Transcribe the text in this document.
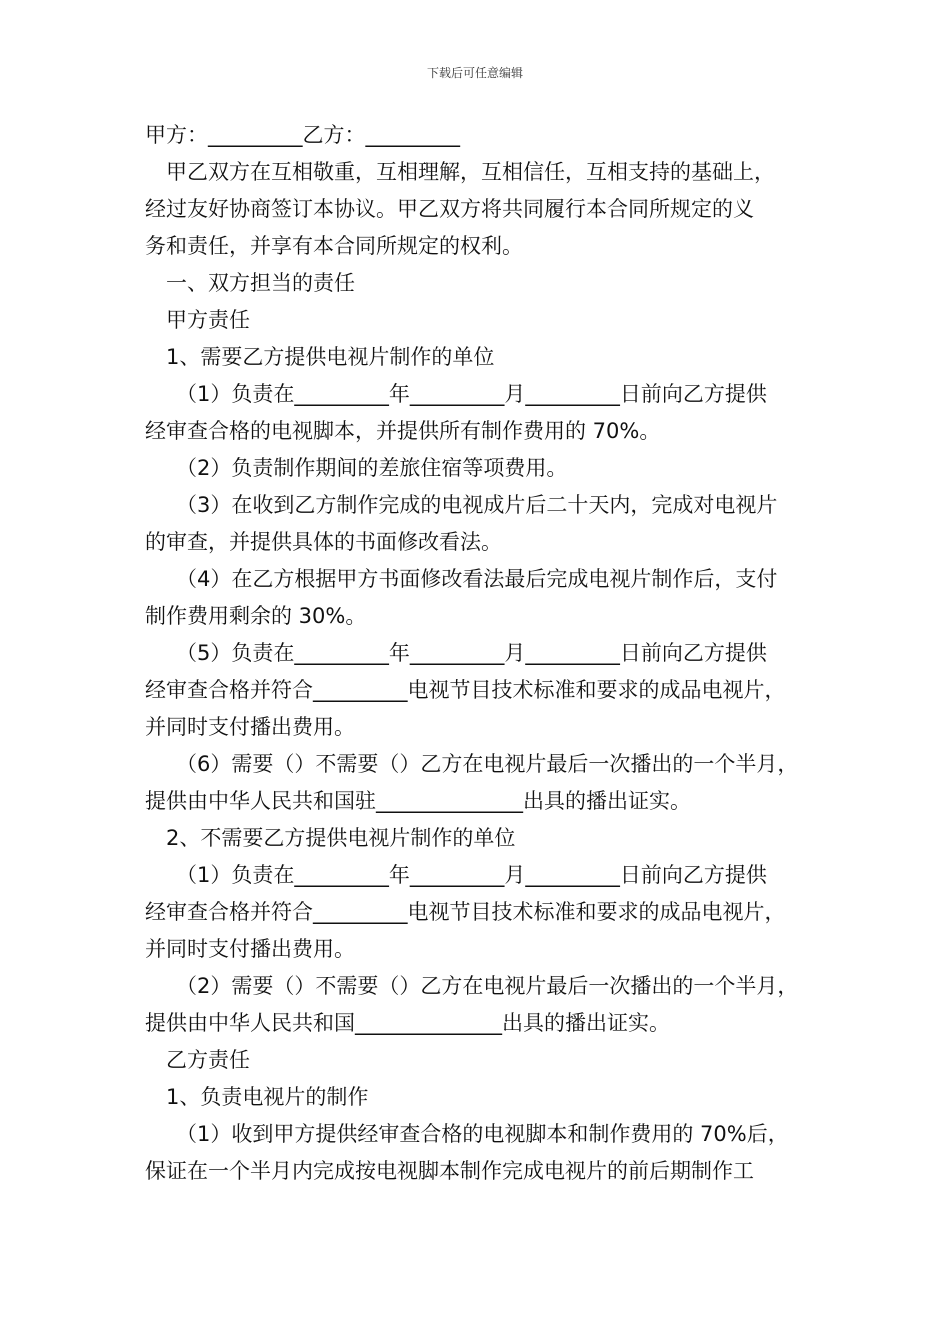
下载后可任意编辑
甲方：_________乙方：_________
甲乙双方在互相敬重，互相理解，互相信任，互相支持的基础上，
经过友好协商签订本协议。甲乙双方将共同履行本合同所规定的义
务和责任，并享有本合同所规定的权利。
一、双方担当的责任
甲方责任
1、需要乙方提供电视片制作的单位
（1）负责在_________年_________月_________日前向乙方提供
经审查合格的电视脚本，并提供所有制作费用的 70%。
（2）负责制作期间的差旅住宿等项费用。
（3）在收到乙方制作完成的电视成片后二十天内，完成对电视片
的审查，并提供具体的书面修改看法。
（4）在乙方根据甲方书面修改看法最后完成电视片制作后，支付
制作费用剩余的 30%。
（5）负责在_________年_________月_________日前向乙方提供
经审查合格并符合_________电视节目技术标准和要求的成品电视片，
并同时支付播出费用。
（6）需要（）不需要（）乙方在电视片最后一次播出的一个半月，
提供由中华人民共和国驻______________出具的播出证实。
2、不需要乙方提供电视片制作的单位
（1）负责在_________年_________月_________日前向乙方提供
经审查合格并符合_________电视节目技术标准和要求的成品电视片，
并同时支付播出费用。
（2）需要（）不需要（）乙方在电视片最后一次播出的一个半月，
提供由中华人民共和国______________出具的播出证实。
乙方责任
1、负责电视片的制作
（1）收到甲方提供经审查合格的电视脚本和制作费用的 70%后，
保证在一个半月内完成按电视脚本制作完成电视片的前后期制作工
